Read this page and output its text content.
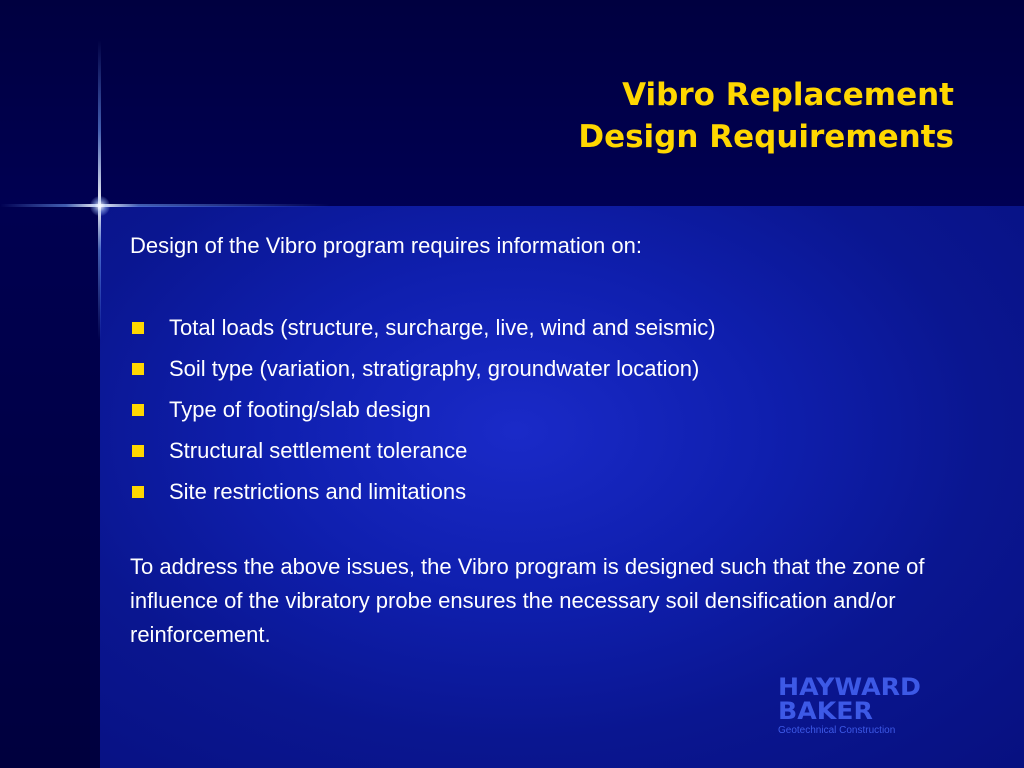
Vibro Replacement
Design Requirements

Design of the Vibro program requires information on:

Total loads (structure, surcharge, live, wind and seismic)
Soil type (variation, stratigraphy, groundwater location)
Type of footing/slab design
Structural settlement tolerance
Site restrictions and limitations

To address the above issues, the Vibro program is designed such that the zone of influence of the vibratory probe ensures the necessary soil densification and/or reinforcement.

HAYWARD
BAKER
Geotechnical Construction
